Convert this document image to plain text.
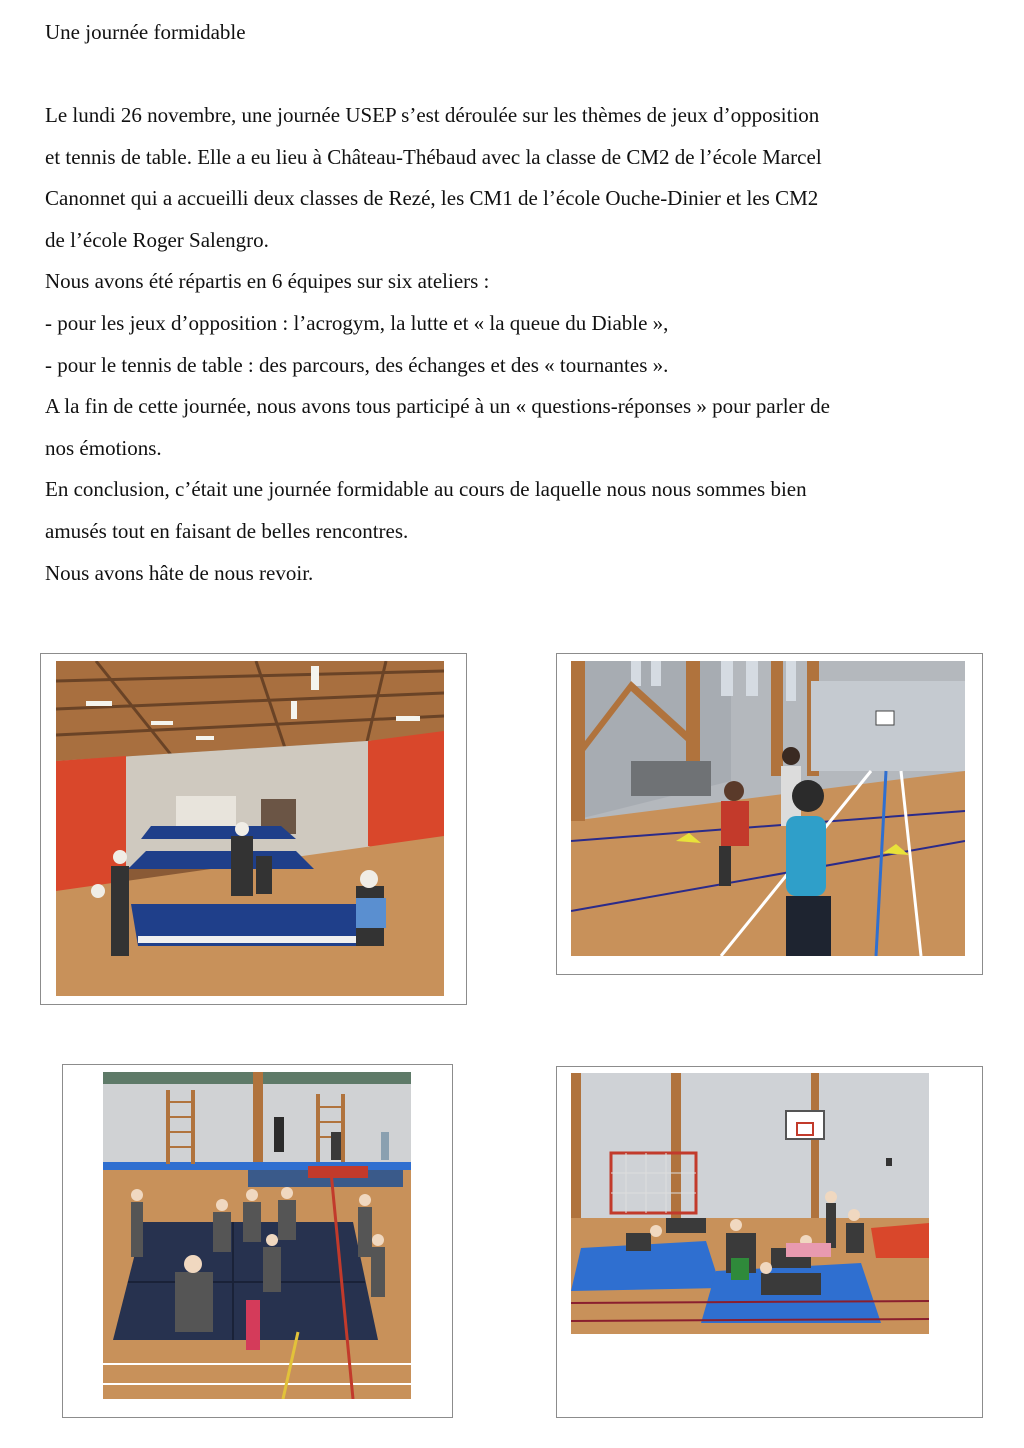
Une journée formidable
Le lundi 26 novembre, une journée USEP s’est déroulée sur les thèmes de jeux d’opposition
et tennis de table. Elle a eu lieu à Château-Thébaud avec la classe de CM2 de l’école Marcel
Canonnet qui a accueilli deux classes de Rezé, les CM1 de l’école Ouche-Dinier et les CM2
de l’école Roger Salengro.
Nous avons été répartis en 6 équipes sur six ateliers :
- pour les jeux d’opposition : l’acrogym, la lutte et « la queue du Diable »,
- pour le tennis de table : des parcours, des échanges et des « tournantes ».
A la fin de cette journée, nous avons tous participé à un « questions-réponses » pour parler de
nos émotions.
En conclusion, c’était une journée formidable au cours de laquelle nous nous sommes bien
amusés tout en faisant de belles rencontres.
Nous avons hâte de nous revoir.
